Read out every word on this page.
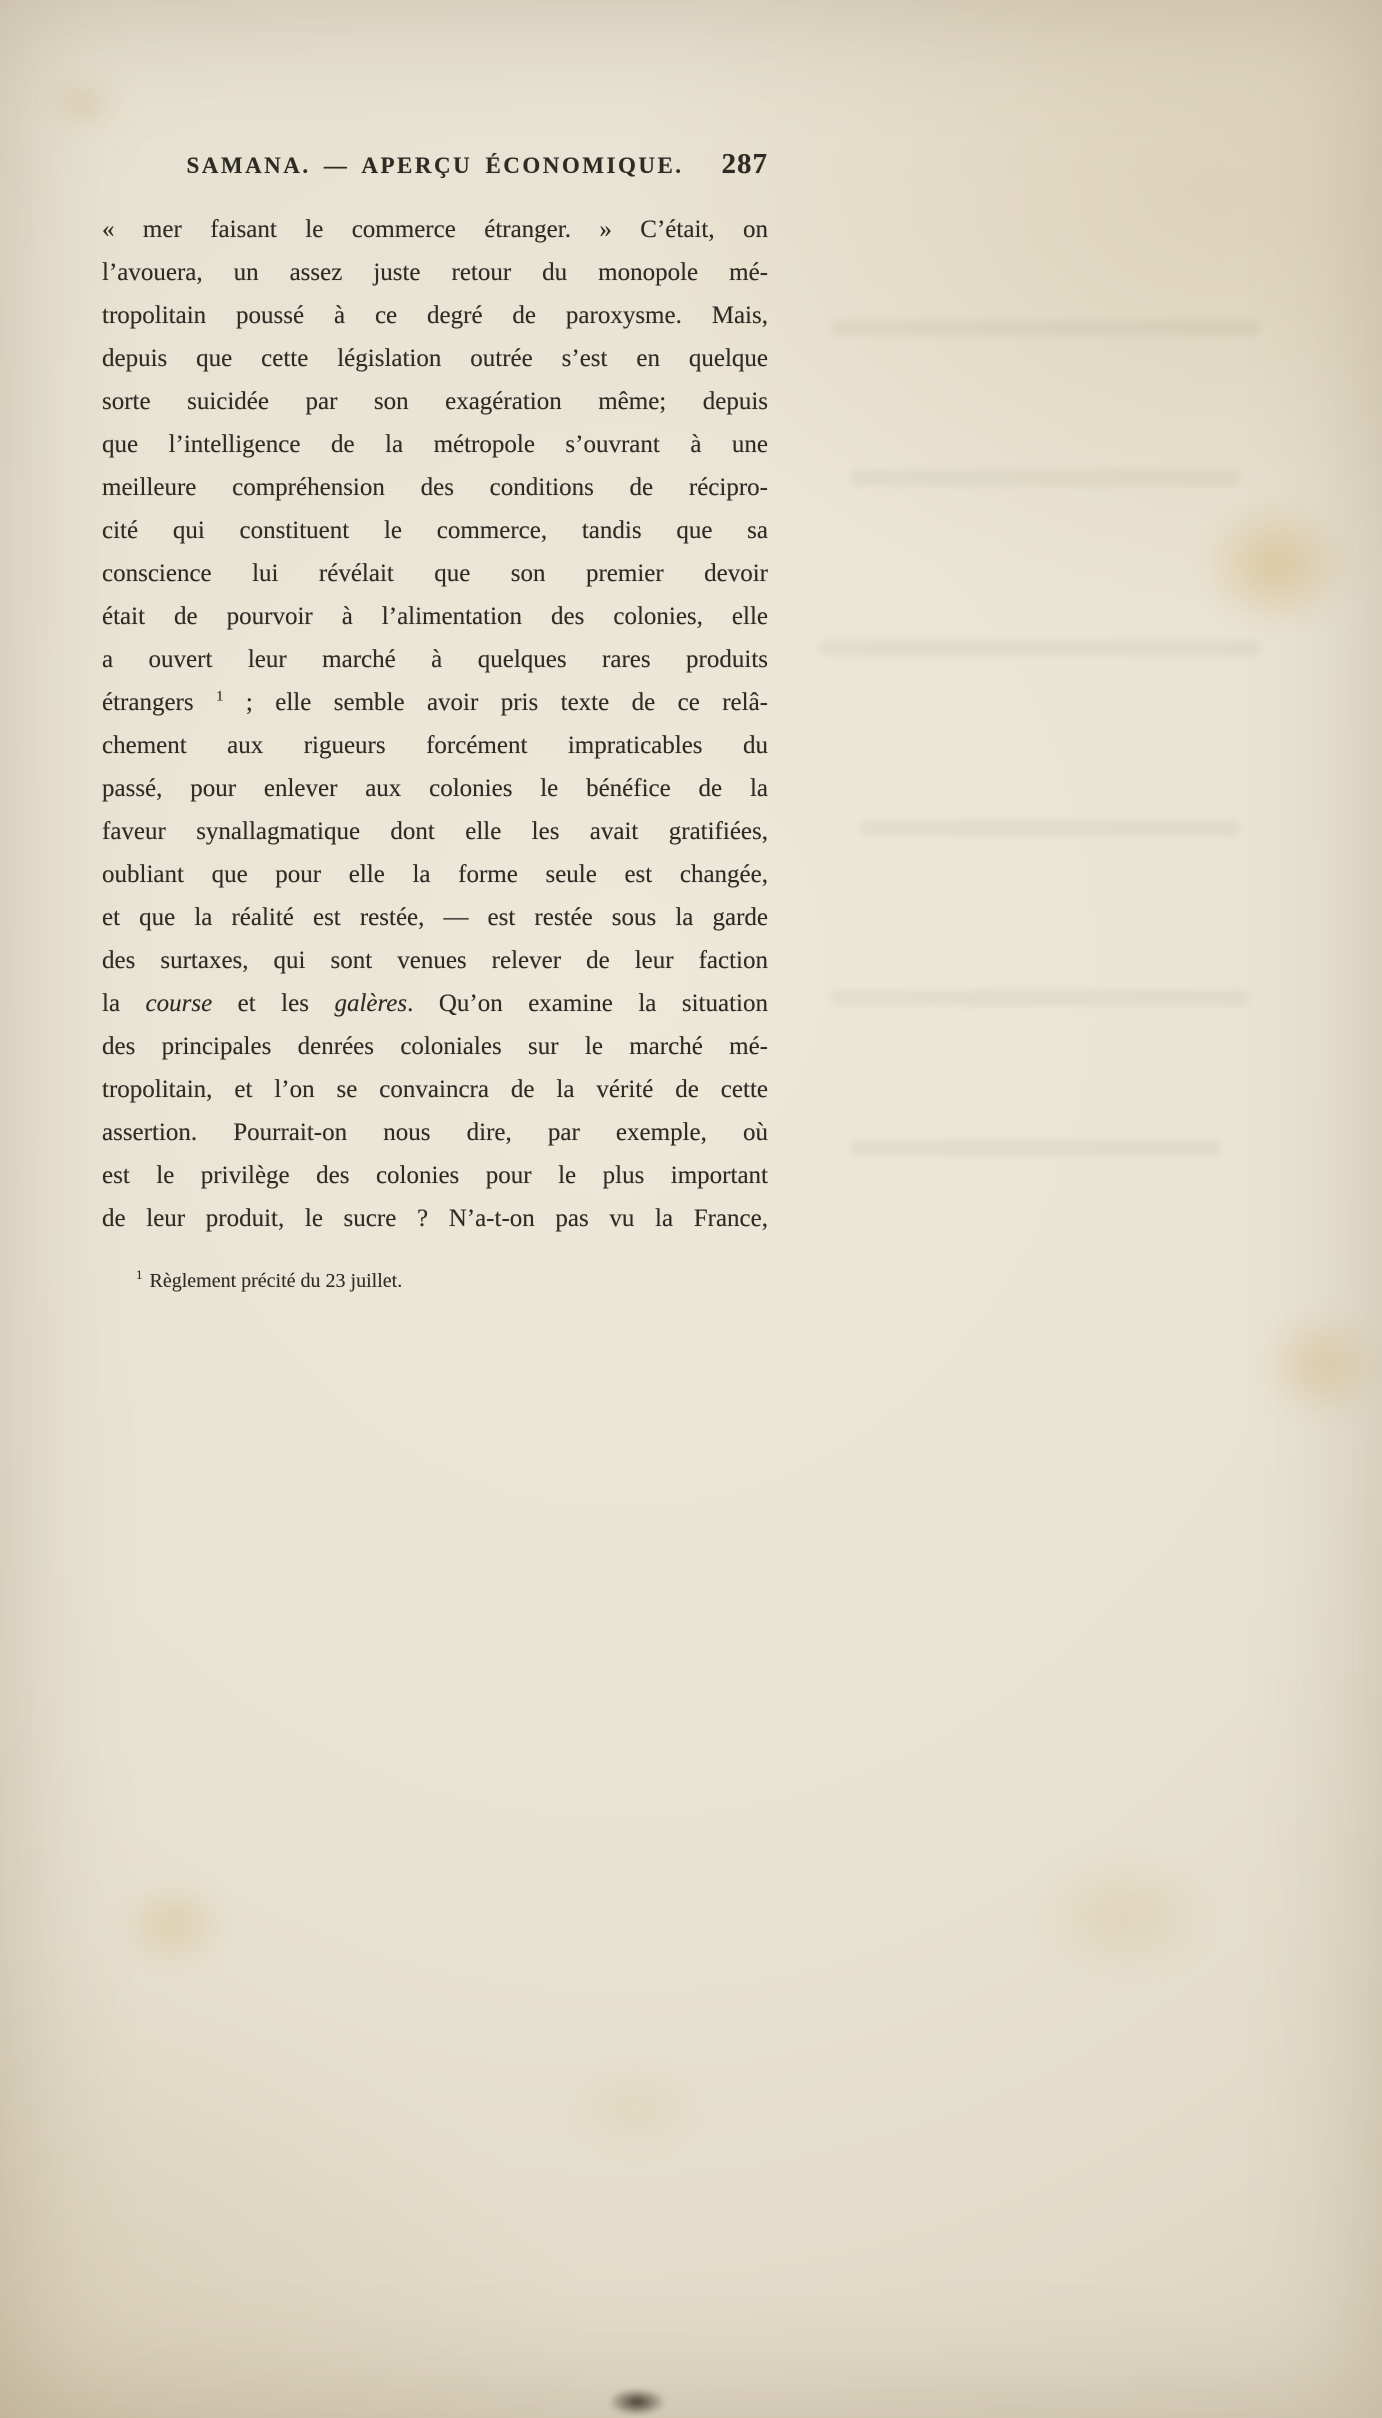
SAMANA. — APERÇU ÉCONOMIQUE.	287
« mer faisant le commerce étranger. » C’était, on
l’avouera, un assez juste retour du monopole mé-
tropolitain poussé à ce degré de paroxysme. Mais,
depuis que cette législation outrée s’est en quelque
sorte suicidée par son exagération même; depuis
que l’intelligence de la métropole s’ouvrant à une
meilleure compréhension des conditions de récipro-
cité qui constituent le commerce, tandis que sa
conscience lui révélait que son premier devoir
était de pourvoir à l’alimentation des colonies, elle
a ouvert leur marché à quelques rares produits
étrangers $^1$ ; elle semble avoir pris texte de ce relâ-
chement aux rigueurs forcément impraticables du
passé, pour enlever aux colonies le bénéfice de la
faveur synallagmatique dont elle les avait gratifiées,
oubliant que pour elle la forme seule est changée,
et que la réalité est restée, — est restée sous la garde
des surtaxes, qui sont venues relever de leur faction
la course et les galères. Qu’on examine la situation
des principales denrées coloniales sur le marché mé-
tropolitain, et l’on se convaincra de la vérité de cette
assertion. Pourrait-on nous dire, par exemple, où
est le privilège des colonies pour le plus important
de leur produit, le sucre ? N’a-t-on pas vu la France,
$^1$ Règlement précité du 23 juillet.
